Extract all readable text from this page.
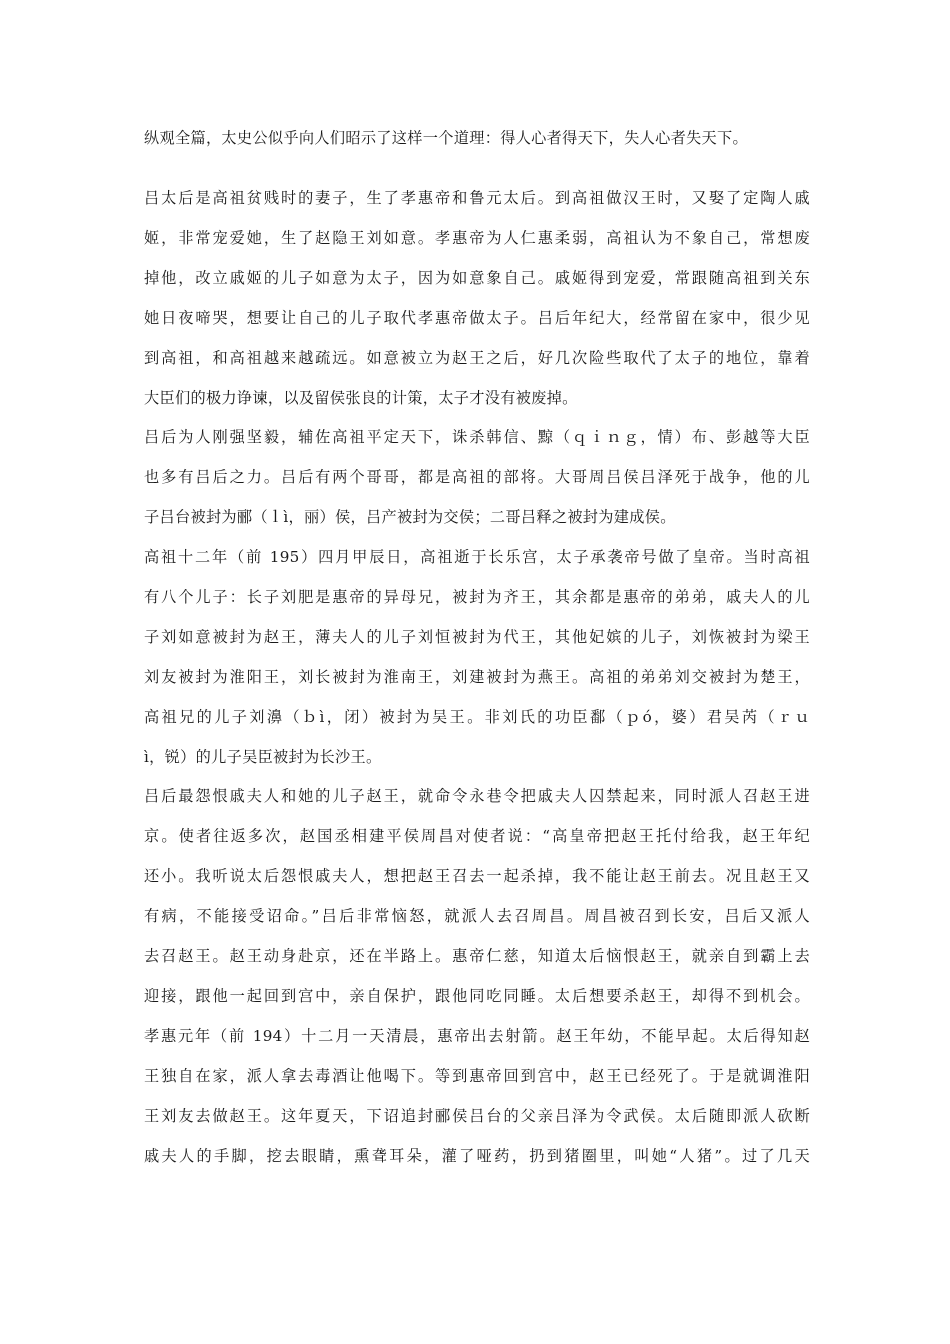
纵观全篇，太史公似乎向人们昭示了这样一个道理：得人心者得天下，失人心者失天下。
吕太后是高祖贫贱时的妻子，生了孝惠帝和鲁元太后。到高祖做汉王时，又娶了定陶人戚
姬，非常宠爱她，生了赵隐王刘如意。孝惠帝为人仁惠柔弱，高祖认为不象自己，常想废
掉他，改立戚姬的儿子如意为太子，因为如意象自己。戚姬得到宠爱，常跟随高祖到关东
她日夜啼哭，想要让自己的儿子取代孝惠帝做太子。吕后年纪大，经常留在家中，很少见
到高祖，和高祖越来越疏远。如意被立为赵王之后，好几次险些取代了太子的地位，靠着
大臣们的极力诤谏，以及留侯张良的计策，太子才没有被废掉。
吕后为人刚强坚毅，辅佐高祖平定天下，诛杀韩信、黥（ｑｉｎｇ，情）布、彭越等大臣
也多有吕后之力。吕后有两个哥哥，都是高祖的部将。大哥周吕侯吕泽死于战争，他的儿
子吕台被封为郦（ｌì，丽）侯，吕产被封为交侯；二哥吕释之被封为建成侯。
高祖十二年（前 195）四月甲辰日，高祖逝于长乐宫，太子承袭帝号做了皇帝。当时高祖
有八个儿子：长子刘肥是惠帝的异母兄，被封为齐王，其余都是惠帝的弟弟，戚夫人的儿
子刘如意被封为赵王，薄夫人的儿子刘恒被封为代王，其他妃嫔的儿子，刘恢被封为梁王
刘友被封为淮阳王，刘长被封为淮南王，刘建被封为燕王。高祖的弟弟刘交被封为楚王，
高祖兄的儿子刘濞（ｂì，闭）被封为吴王。非刘氏的功臣鄱（ｐó，婆）君吴芮（ｒｕ
ì，锐）的儿子吴臣被封为长沙王。
吕后最怨恨戚夫人和她的儿子赵王，就命令永巷令把戚夫人囚禁起来，同时派人召赵王进
京。使者往返多次，赵国丞相建平侯周昌对使者说：“高皇帝把赵王托付给我，赵王年纪
还小。我听说太后怨恨戚夫人，想把赵王召去一起杀掉，我不能让赵王前去。况且赵王又
有病，不能接受诏命。”吕后非常恼怒，就派人去召周昌。周昌被召到长安，吕后又派人
去召赵王。赵王动身赴京，还在半路上。惠帝仁慈，知道太后恼恨赵王，就亲自到霸上去
迎接，跟他一起回到宫中，亲自保护，跟他同吃同睡。太后想要杀赵王，却得不到机会。
孝惠元年（前 194）十二月一天清晨，惠帝出去射箭。赵王年幼，不能早起。太后得知赵
王独自在家，派人拿去毒酒让他喝下。等到惠帝回到宫中，赵王已经死了。于是就调淮阳
王刘友去做赵王。这年夏天，下诏追封郦侯吕台的父亲吕泽为令武侯。太后随即派人砍断
戚夫人的手脚，挖去眼睛，熏聋耳朵，灌了哑药，扔到猪圈里，叫她“人猪”。过了几天
